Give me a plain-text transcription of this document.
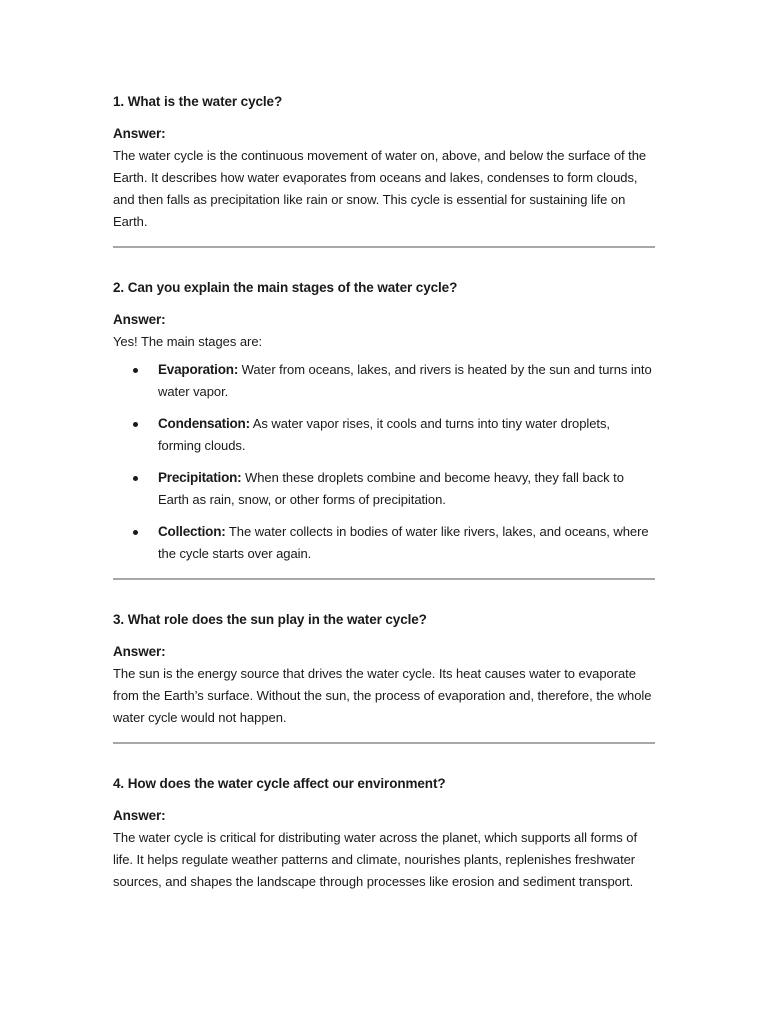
1. What is the water cycle?

Answer:

The water cycle is the continuous movement of water on, above, and below the surface of the Earth. It describes how water evaporates from oceans and lakes, condenses to form clouds, and then falls as precipitation like rain or snow. This cycle is essential for sustaining life on Earth.

2. Can you explain the main stages of the water cycle?

Answer:

Yes! The main stages are:

Evaporation: Water from oceans, lakes, and rivers is heated by the sun and turns into water vapor.
Condensation: As water vapor rises, it cools and turns into tiny water droplets, forming clouds.
Precipitation: When these droplets combine and become heavy, they fall back to Earth as rain, snow, or other forms of precipitation.
Collection: The water collects in bodies of water like rivers, lakes, and oceans, where the cycle starts over again.

3. What role does the sun play in the water cycle?

Answer:

The sun is the energy source that drives the water cycle. Its heat causes water to evaporate from the Earth’s surface. Without the sun, the process of evaporation and, therefore, the whole water cycle would not happen.

4. How does the water cycle affect our environment?

Answer:

The water cycle is critical for distributing water across the planet, which supports all forms of life. It helps regulate weather patterns and climate, nourishes plants, replenishes freshwater sources, and shapes the landscape through processes like erosion and sediment transport.
